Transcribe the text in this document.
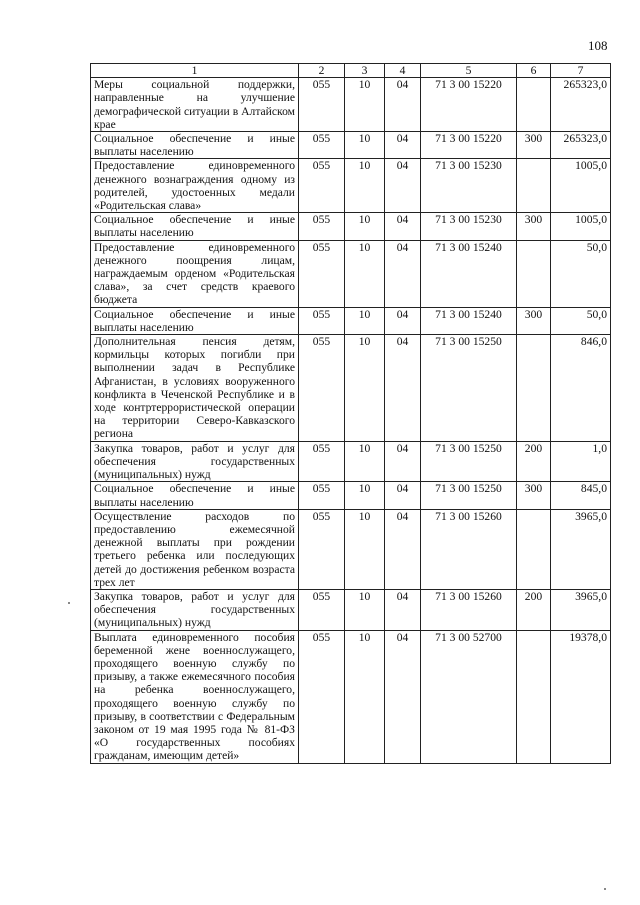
108
1	2	3	4	5	6	7
Меры социальной поддержки, направленные на улучшение демографической ситуации в Алтайском крае	055	10	04	71 3 00 15220		265323,0
Социальное обеспечение и иные выплаты населению	055	10	04	71 3 00 15220	300	265323,0
Предоставление единовременного денежного вознаграждения одному из родителей, удостоенных медали «Родительская слава»	055	10	04	71 3 00 15230		1005,0
Социальное обеспечение и иные выплаты населению	055	10	04	71 3 00 15230	300	1005,0
Предоставление единовременного денежного поощрения лицам, награждаемым орденом «Родительская слава», за счет средств краевого бюджета	055	10	04	71 3 00 15240		50,0
Социальное обеспечение и иные выплаты населению	055	10	04	71 3 00 15240	300	50,0
Дополнительная пенсия детям, кормильцы которых погибли при выполнении задач в Республике Афганистан, в условиях вооруженного конфликта в Чеченской Республике и в ходе контртеррористической операции на территории Северо-Кавказского региона	055	10	04	71 3 00 15250		846,0
Закупка товаров, работ и услуг для обеспечения государственных (муниципальных) нужд	055	10	04	71 3 00 15250	200	1,0
Социальное обеспечение и иные выплаты населению	055	10	04	71 3 00 15250	300	845,0
Осуществление расходов по предоставлению ежемесячной денежной выплаты при рождении третьего ребенка или последующих детей до достижения ребенком возраста трех лет	055	10	04	71 3 00 15260		3965,0
Закупка товаров, работ и услуг для обеспечения государственных (муниципальных) нужд	055	10	04	71 3 00 15260	200	3965,0
Выплата единовременного пособия беременной жене военнослужащего, проходящего военную службу по призыву, а также ежемесячного пособия на ребенка военнослужащего, проходящего военную службу по призыву, в соответствии с Федеральным законом от 19 мая 1995 года № 81-ФЗ «О государственных пособиях гражданам, имеющим детей»	055	10	04	71 3 00 52700		19378,0
